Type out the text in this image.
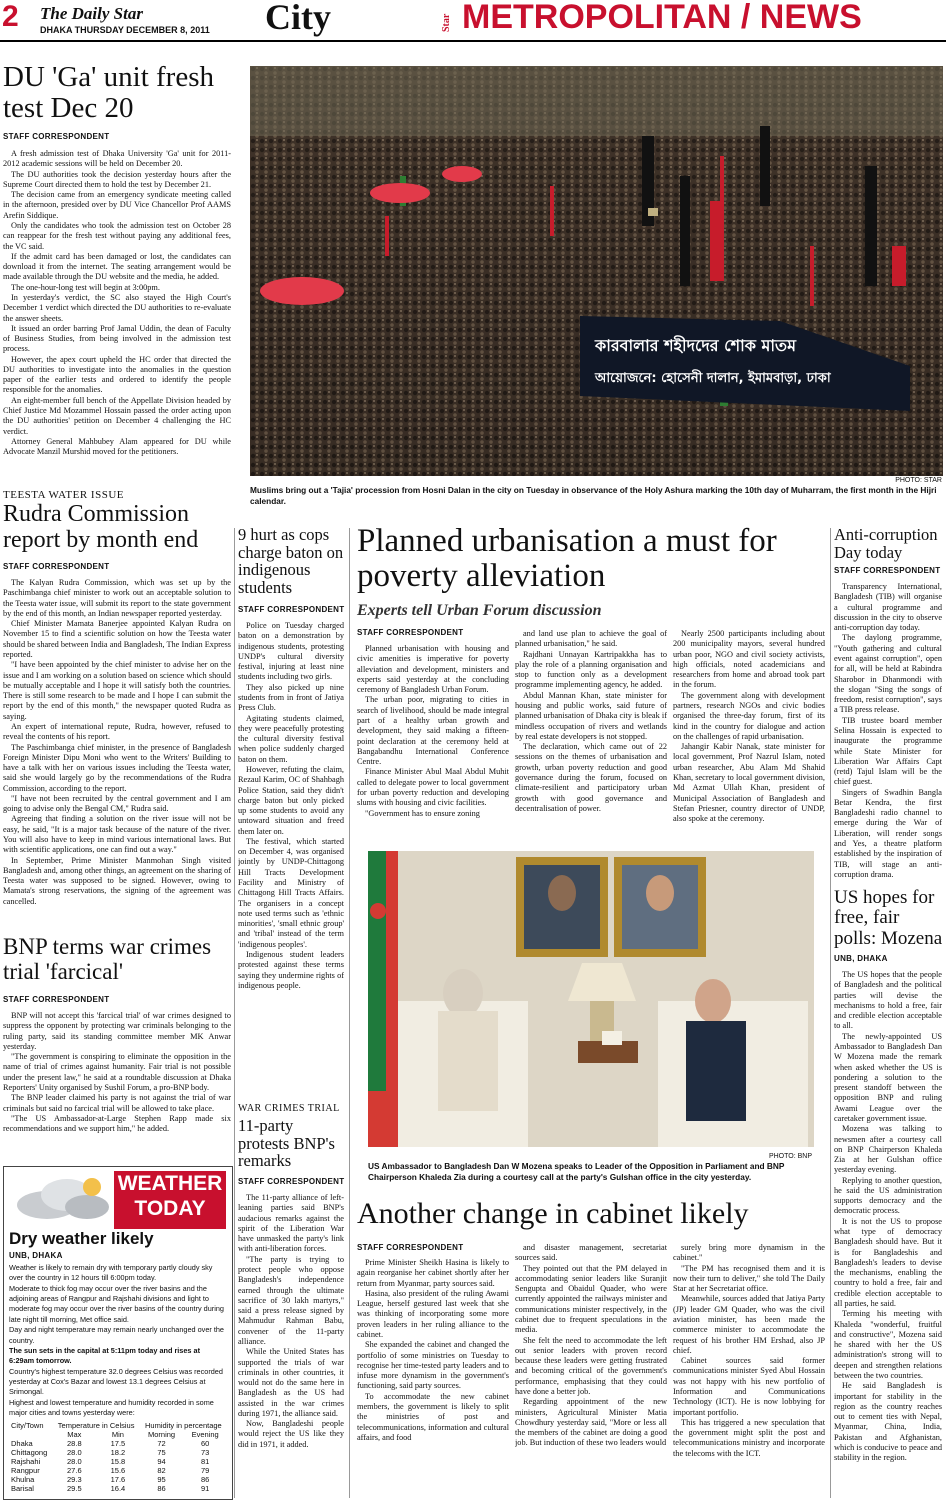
2 The Daily Star
DHAKA THURSDAY DECEMBER 8, 2011 City	Star METROPOLITAN / NEWS
DU 'Ga' unit fresh test Dec 20
STAFF CORRESPONDENT

A fresh admission test of Dhaka University 'Ga' unit for 2011-2012 academic sessions will be held on December 20.

The DU authorities took the decision yesterday hours after the Supreme Court directed them to hold the test by December 21.

The decision came from an emergency syndicate meeting called in the afternoon, presided over by DU Vice Chancellor Prof AAMS Arefin Siddique.

Only the candidates who took the admission test on October 28 can reappear for the fresh test without paying any additional fees, the VC said.

If the admit card has been damaged or lost, the candidates can download it from the internet. The seating arrangement would be made available through the DU website and the media, he added.

The one-hour-long test will begin at 3:00pm.

In yesterday's verdict, the SC also stayed the High Court's December 1 verdict which directed the DU authorities to re-evaluate the answer sheets.

It issued an order barring Prof Jamal Uddin, the dean of Faculty of Business Studies, from being involved in the admission test process.

However, the apex court upheld the HC order that directed the DU authorities to investigate into the anomalies in the question paper of the earlier tests and ordered to identify the people responsible for the anomalies.

An eight-member full bench of the Appellate Division headed by Chief Justice Md Mozammel Hossain passed the order acting upon the DU authorities' petition on December 4 challenging the HC verdict.

Attorney General Mahbubey Alam appeared for DU while Advocate Manzil Murshid moved for the petitioners.

কারবালার শহীদদের শোক মাতম
আয়োজনে: হোসেনী দালান, ইমামবাড়া, ঢাকা
PHOTO: STAR
Muslims bring out a 'Tajia' procession from Hosni Dalan in the city on Tuesday in observance of the Holy Ashura marking the 10th day of Muharram, the first month in the Hijri calendar.
TEESTA WATER ISSUE
Rudra Commission report by month end
STAFF CORRESPONDENT

The Kalyan Rudra Commission, which was set up by the Paschimbanga chief minister to work out an acceptable solution to the Teesta water issue, will submit its report to the state government by the end of this month, an Indian newspaper reported yesterday.

Chief Minister Mamata Banerjee appointed Kalyan Rudra on November 15 to find a scientific solution on how the Teesta water should be shared between India and Bangladesh, The Indian Express reported.

"I have been appointed by the chief minister to advise her on the issue and I am working on a solution based on science which should be mutually acceptable and I hope it will satisfy both the countries. There is still some research to be made and I hope I can submit the report by the end of this month," the newspaper quoted Rudra as saying.

An expert of international repute, Rudra, however, refused to reveal the contents of his report.

The Paschimbanga chief minister, in the presence of Bangladesh Foreign Minister Dipu Moni who went to the Writers' Building to have a talk with her on various issues including the Teesta water, said she would largely go by the recommendations of the Rudra Commission, according to the report.

"I have not been recruited by the central government and I am going to advise only the Bengal CM," Rudra said.

Agreeing that finding a solution on the river issue will not be easy, he said, "It is a major task because of the nature of the river. You will also have to keep in mind various international laws. But with scientific applications, one can find out a way."

In September, Prime Minister Manmohan Singh visited Bangladesh and, among other things, an agreement on the sharing of Teesta water was supposed to be signed. However, owing to Mamata's strong reservations, the signing of the agreement was cancelled.

BNP terms war crimes trial 'farcical'
STAFF CORRESPONDENT

BNP will not accept this 'farcical trial' of war crimes designed to suppress the opponent by protecting war criminals belonging to the ruling party, said its standing committee member MK Anwar yesterday.

"The government is conspiring to eliminate the opposition in the name of trial of crimes against humanity. Fair trial is not possible under the present law," he said at a roundtable discussion at Dhaka Reporters' Unity organised by Sushil Forum, a pro-BNP body.

The BNP leader claimed his party is not against the trial of war criminals but said no farcical trial will be allowed to take place.

"The US Ambassador-at-Large Stephen Rapp made six recommendations and we support him," he added.

WEATHER
TODAY
Dry weather likely
UNB, DHAKA
Weather is likely to remain dry with temporary partly cloudy sky over the country in 12 hours till 6:00pm today.
Moderate to thick fog may occur over the river basins and the adjoining areas of Rangpur and Rajshahi divisions and light to moderate fog may occur over the river basins of the country during late night till morning, Met office said.
Day and night temperature may remain nearly unchanged over the country.
The sun sets in the capital at 5:11pm today and rises at 6:29am tomorrow.
Country's highest temperature 32.0 degrees Celsius was recorded yesterday at Cox's Bazar and lowest 13.1 degrees Celsius at Srimongal.
Highest and lowest temperature and humidity recorded in some major cities and towns yesterday were:
City/Town	Temperature in Celsius		Humidity in percentage	
	Max	Min	Morning	Evening
Dhaka	28.8	17.5	72	60
Chittagong	28.0	18.2	75	73
Rajshahi	28.0	15.8	94	81
Rangpur	27.6	15.6	82	79
Khulna	29.3	17.6	95	86
Barisal	29.5	16.4	86	91
9 hurt as cops charge baton on indigenous students
STAFF CORRESPONDENT

Police on Tuesday charged baton on a demonstration by indigenous students, protesting UNDP's cultural diversity festival, injuring at least nine students including two girls.

They also picked up nine students from in front of Jatiya Press Club.

Agitating students claimed, they were peacefully protesting the cultural diversity festival when police suddenly charged baton on them.

However, refuting the claim, Rezaul Karim, OC of Shahbagh Police Station, said they didn't charge baton but only picked up some students to avoid any untoward situation and freed them later on.

The festival, which started on December 4, was organised jointly by UNDP-Chittagong Hill Tracts Development Facility and Ministry of Chittagong Hill Tracts Affairs. The organisers in a concept note used terms such as 'ethnic minorities', 'small ethnic group' and 'tribal' instead of the term 'indigenous peoples'.

Indigenous student leaders protested against these terms saying they undermine rights of indigenous people.

WAR CRIMES TRIAL
11-party protests BNP's remarks
STAFF CORRESPONDENT

The 11-party alliance of left-leaning parties said BNP's audacious remarks against the spirit of the Liberation War have unmasked the party's link with anti-liberation forces.

"The party is trying to protect people who oppose Bangladesh's independence earned through the ultimate sacrifice of 30 lakh martyrs," said a press release signed by Mahmudur Rahman Babu, convener of the 11-party alliance.

While the United States has supported the trials of war criminals in other countries, it would not do the same here in Bangladesh as the US had assisted in the war crimes during 1971, the alliance said.

Now, Bangladeshi people would reject the US like they did in 1971, it added.

Planned urbanisation a must for poverty alleviation
Experts tell Urban Forum discussion
STAFF CORRESPONDENT

Planned urbanisation with housing and civic amenities is imperative for poverty alleviation and development, ministers and experts said yesterday at the concluding ceremony of Bangladesh Urban Forum.

The urban poor, migrating to cities in search of livelihood, should be made integral part of a healthy urban growth and development, they said making a fifteen-point declaration at the ceremony held at Bangabandhu International Conference Centre.

Finance Minister Abul Maal Abdul Muhit called to delegate power to local government for urban poverty reduction and developing slums with housing and civic facilities.

"Government has to ensure zoning

and land use plan to achieve the goal of planned urbanisation," he said.

Rajdhani Unnayan Kartripakkha has to play the role of a planning organisation and stop to function only as a development programme implementing agency, he added.

Abdul Mannan Khan, state minister for housing and public works, said future of planned urbanisation of Dhaka city is bleak if mindless occupation of rivers and wetlands by real estate developers is not stopped.

The declaration, which came out of 22 sessions on the themes of urbanisation and growth, urban poverty reduction and good governance during the forum, focused on climate-resilient and participatory urban growth with good governance and decentralisation of power.

Nearly 2500 participants including about 200 municipality mayors, several hundred urban poor, NGO and civil society activists, high officials, noted academicians and researchers from home and abroad took part in the forum.

The government along with development partners, research NGOs and civic bodies organised the three-day forum, first of its kind in the country for dialogue and action on the challenges of rapid urbanisation.

Jahangir Kabir Nanak, state minister for local government, Prof Nazrul Islam, noted urban researcher, Abu Alam Md Shahid Khan, secretary to local government division, Md Azmat Ullah Khan, president of Municipal Association of Bangladesh and Stefan Priesner, country director of UNDP, also spoke at the ceremony.

PHOTO: BNP
US Ambassador to Bangladesh Dan W Mozena speaks to Leader of the Opposition in Parliament and BNP Chairperson Khaleda Zia during a courtesy call at the party's Gulshan office in the city yesterday.
Another change in cabinet likely
STAFF CORRESPONDENT

Prime Minister Sheikh Hasina is likely to again reorganise her cabinet shortly after her return from Myanmar, party sources said.

Hasina, also president of the ruling Awami League, herself gestured last week that she was thinking of incorporating some more proven leaders in her ruling alliance to the cabinet.

She expanded the cabinet and changed the portfolio of some ministries on Tuesday to recognise her time-tested party leaders and to infuse more dynamism in the government's functioning, said party sources.

To accommodate the new cabinet members, the government is likely to split the ministries of post and telecommunications, information and cultural affairs, and food

and disaster management, secretariat sources said.

They pointed out that the PM delayed in accommodating senior leaders like Suranjit Sengupta and Obaidul Quader, who were currently appointed the railways minister and communications minister respectively, in the cabinet due to frequent speculations in the media.

She felt the need to accommodate the left out senior leaders with proven record because these leaders were getting frustrated and becoming critical of the government's performance, emphasising that they could have done a better job.

Regarding appointment of the new ministers, Agricultural Minister Matia Chowdhury yesterday said, "More or less all the members of the cabinet are doing a good job. But induction of these two leaders would

surely bring more dynamism in the cabinet."

"The PM has recognised them and it is now their turn to deliver," she told The Daily Star at her Secretariat office.

Meanwhile, sources added that Jatiya Party (JP) leader GM Quader, who was the civil aviation minister, has been made the commerce minister to accommodate the request of his brother HM Ershad, also JP chief.

Cabinet sources said former communications minister Syed Abul Hossain was not happy with his new portfolio of Information and Communications Technology (ICT). He is now lobbying for important portfolio.

This has triggered a new speculation that the government might split the post and telecommunications ministry and incorporate the telecoms with the ICT.

Anti-corruption Day today
STAFF CORRESPONDENT

Transparency International, Bangladesh (TIB) will organise a cultural programme and discussion in the city to observe anti-corruption day today.

The daylong programme, "Youth gathering and cultural event against corruption", open for all, will be held at Rabindra Sharobor in Dhanmondi with the slogan "Sing the songs of freedom, resist corruption", says a TIB press release.

TIB trustee board member Selina Hossain is expected to inaugurate the programme while State Minister for Liberation War Affairs Capt (retd) Tajul Islam will be the chief guest.

Singers of Swadhin Bangla Betar Kendra, the first Bangladeshi radio channel to emerge during the War of Liberation, will render songs and Yes, a theatre platform established by the inspiration of TIB, will stage an anti-corruption drama.

US hopes for free, fair polls: Mozena
UNB, DHAKA

The US hopes that the people of Bangladesh and the political parties will devise the mechanisms to hold a free, fair and credible election acceptable to all.

The newly-appointed US Ambassador to Bangladesh Dan W Mozena made the remark when asked whether the US is pondering a solution to the present standoff between the opposition BNP and ruling Awami League over the caretaker government issue.

Mozena was talking to newsmen after a courtesy call on BNP Chairperson Khaleda Zia at her Gulshan office yesterday evening.

Replying to another question, he said the US administration supports democracy and the democratic process.

It is not the US to propose what type of democracy Bangladesh should have. But it is for Bangladeshis and Bangladesh's leaders to devise the mechanisms, enabling the country to hold a free, fair and credible election acceptable to all parties, he said.

Terming his meeting with Khaleda "wonderful, fruitful and constructive", Mozena said he shared with her the US administration's strong will to deepen and strengthen relations between the two countries.

He said Bangladesh is important for stability in the region as the country reaches out to cement ties with Nepal, Myanmar, China, India, Pakistan and Afghanistan, which is conducive to peace and stability in the region.
